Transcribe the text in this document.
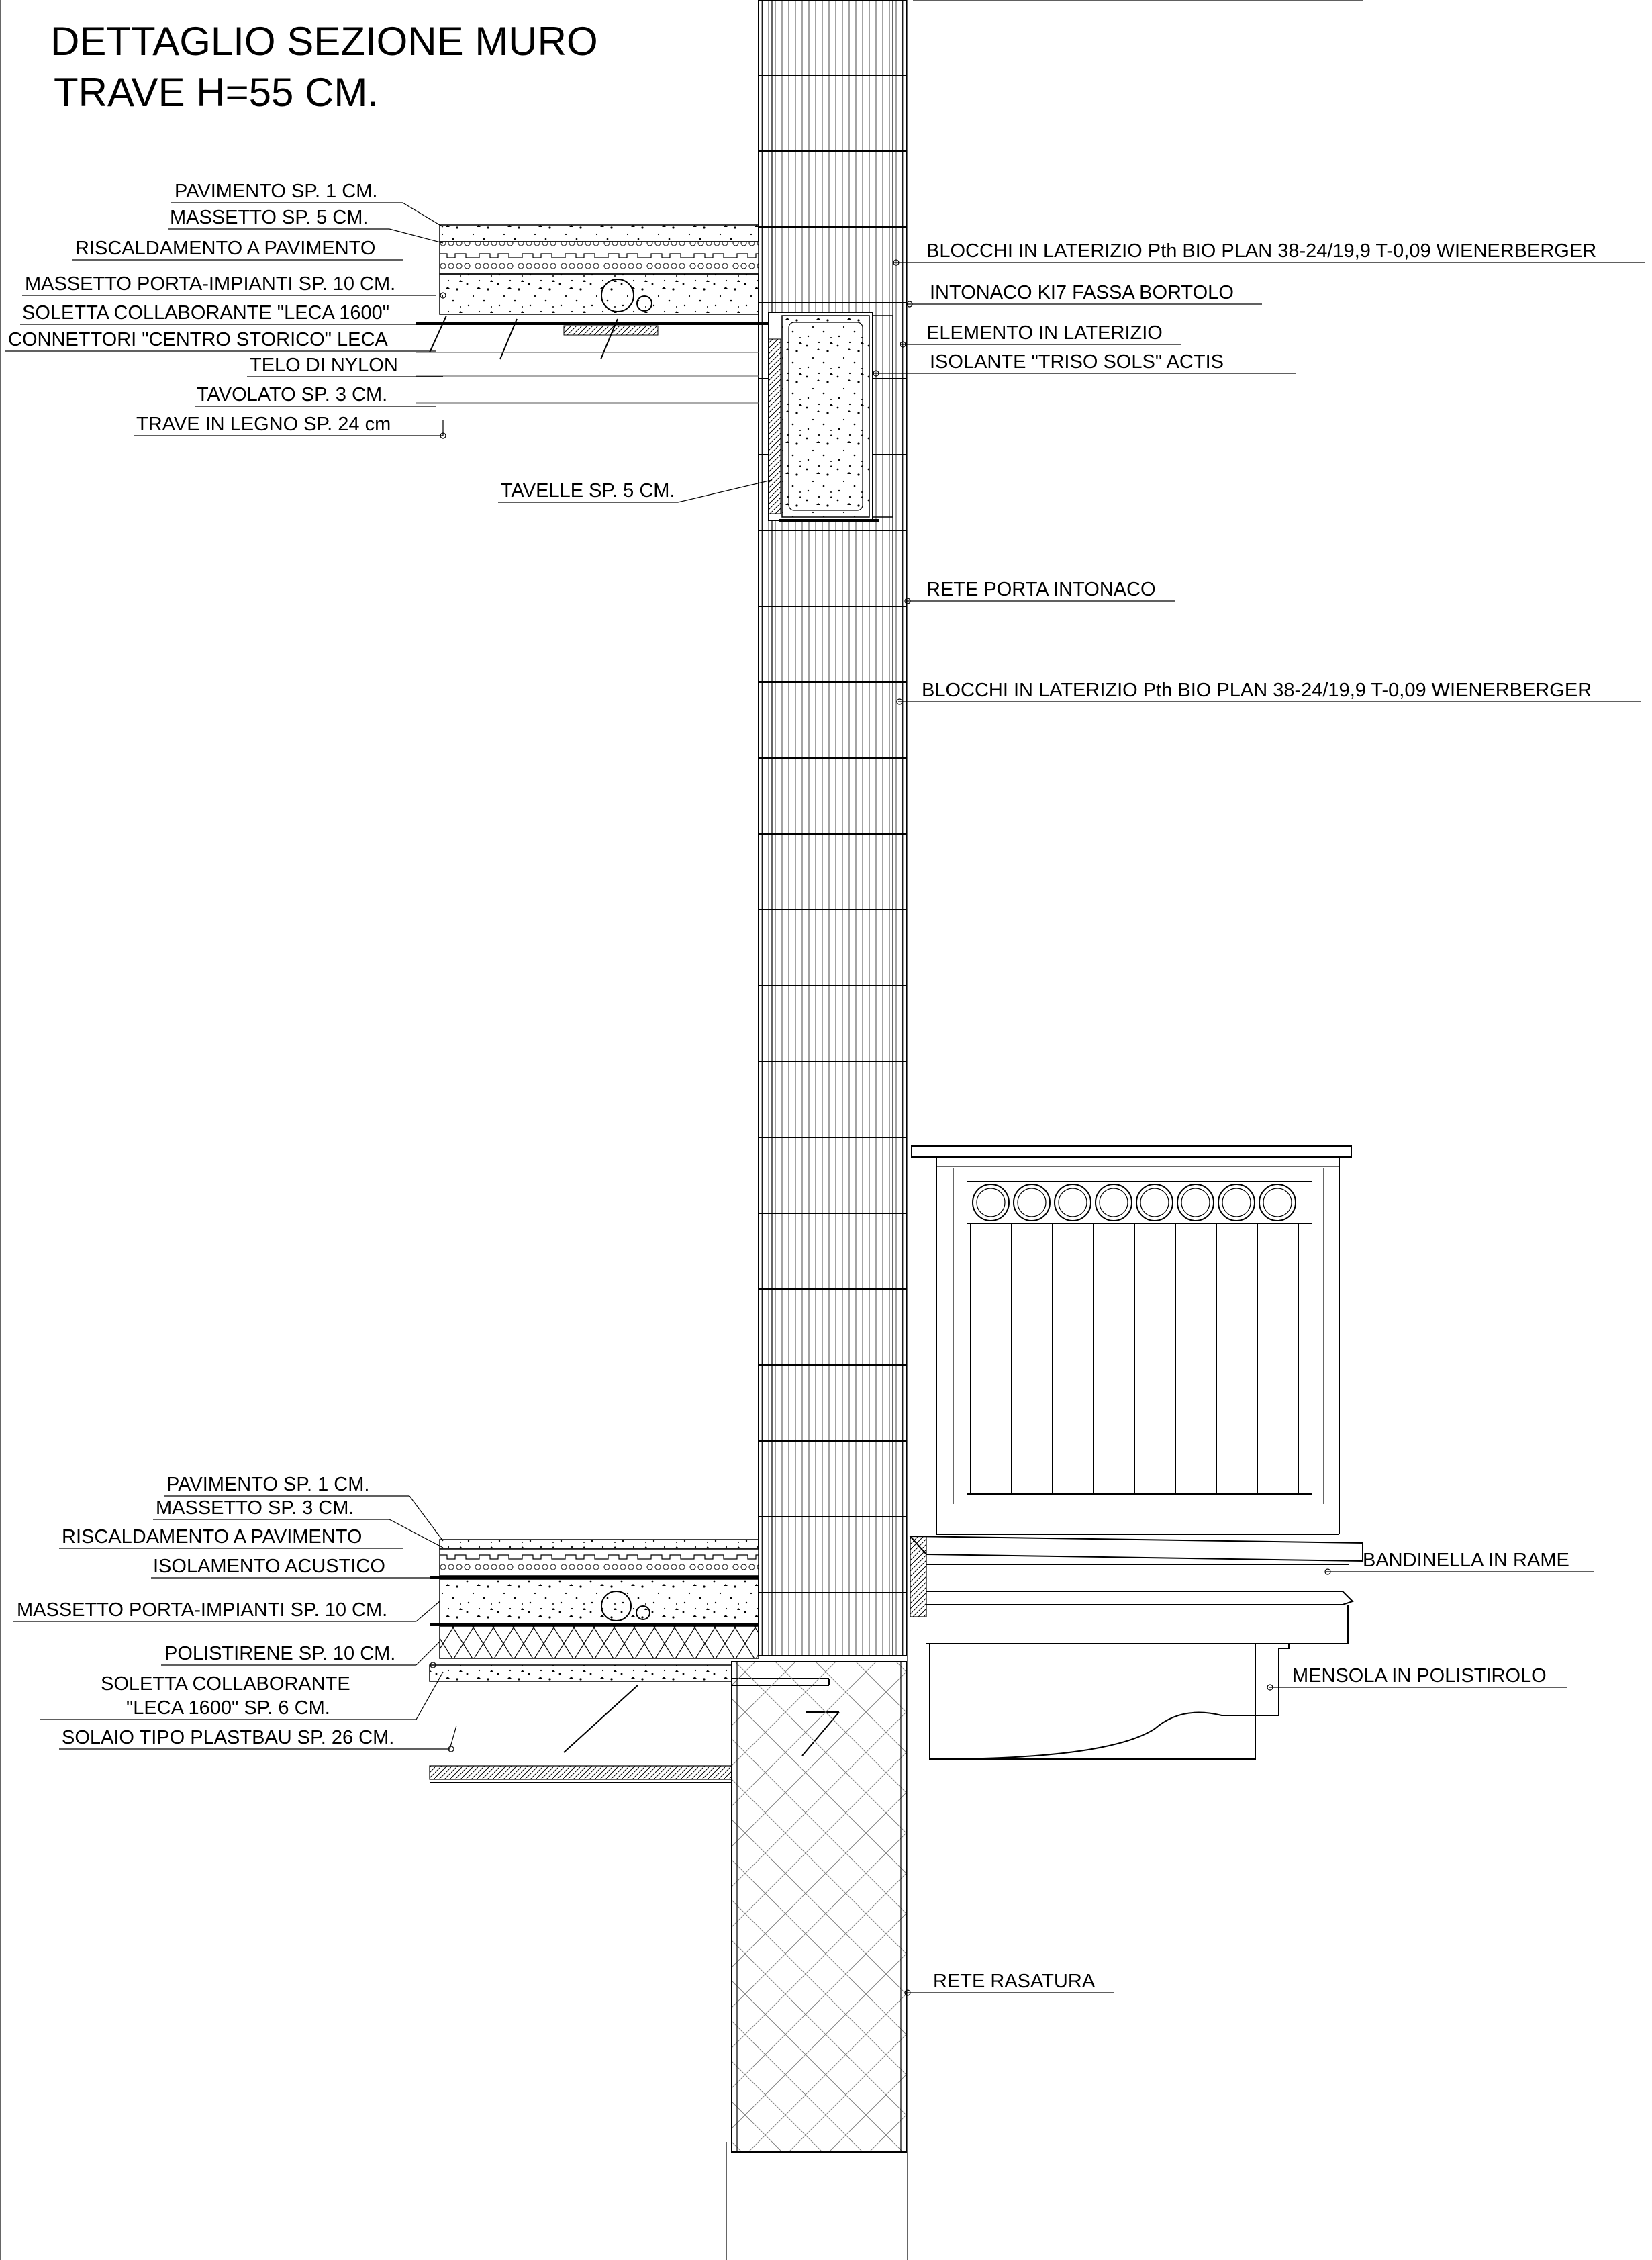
DETTAGLIO SEZIONE MURO
TRAVE H=55 CM.
PAVIMENTO SP. 1 CM.
MASSETTO SP. 5 CM.
RISCALDAMENTO A PAVIMENTO
MASSETTO PORTA-IMPIANTI SP. 10 CM.
SOLETTA COLLABORANTE "LECA 1600"
CONNETTORI "CENTRO STORICO" LECA
TELO DI NYLON
TAVOLATO SP. 3 CM.
TRAVE IN LEGNO SP. 24 cm
TAVELLE SP. 5 CM.
BLOCCHI IN LATERIZIO Pth BIO PLAN 38-24/19,9 T-0,09 WIENERBERGER
INTONACO KI7 FASSA BORTOLO
ELEMENTO IN LATERIZIO
ISOLANTE "TRISO SOLS" ACTIS
RETE PORTA INTONACO
BLOCCHI IN LATERIZIO Pth BIO PLAN 38-24/19,9 T-0,09 WIENERBERGER
BANDINELLA IN RAME
MENSOLA IN POLISTIROLO
RETE RASATURA
PAVIMENTO SP. 1 CM.
MASSETTO SP. 3 CM.
RISCALDAMENTO A PAVIMENTO
ISOLAMENTO ACUSTICO
MASSETTO PORTA-IMPIANTI SP. 10 CM.
POLISTIRENE SP. 10 CM.
SOLETTA COLLABORANTE
"LECA 1600" SP. 6 CM.
SOLAIO TIPO PLASTBAU SP. 26 CM.
